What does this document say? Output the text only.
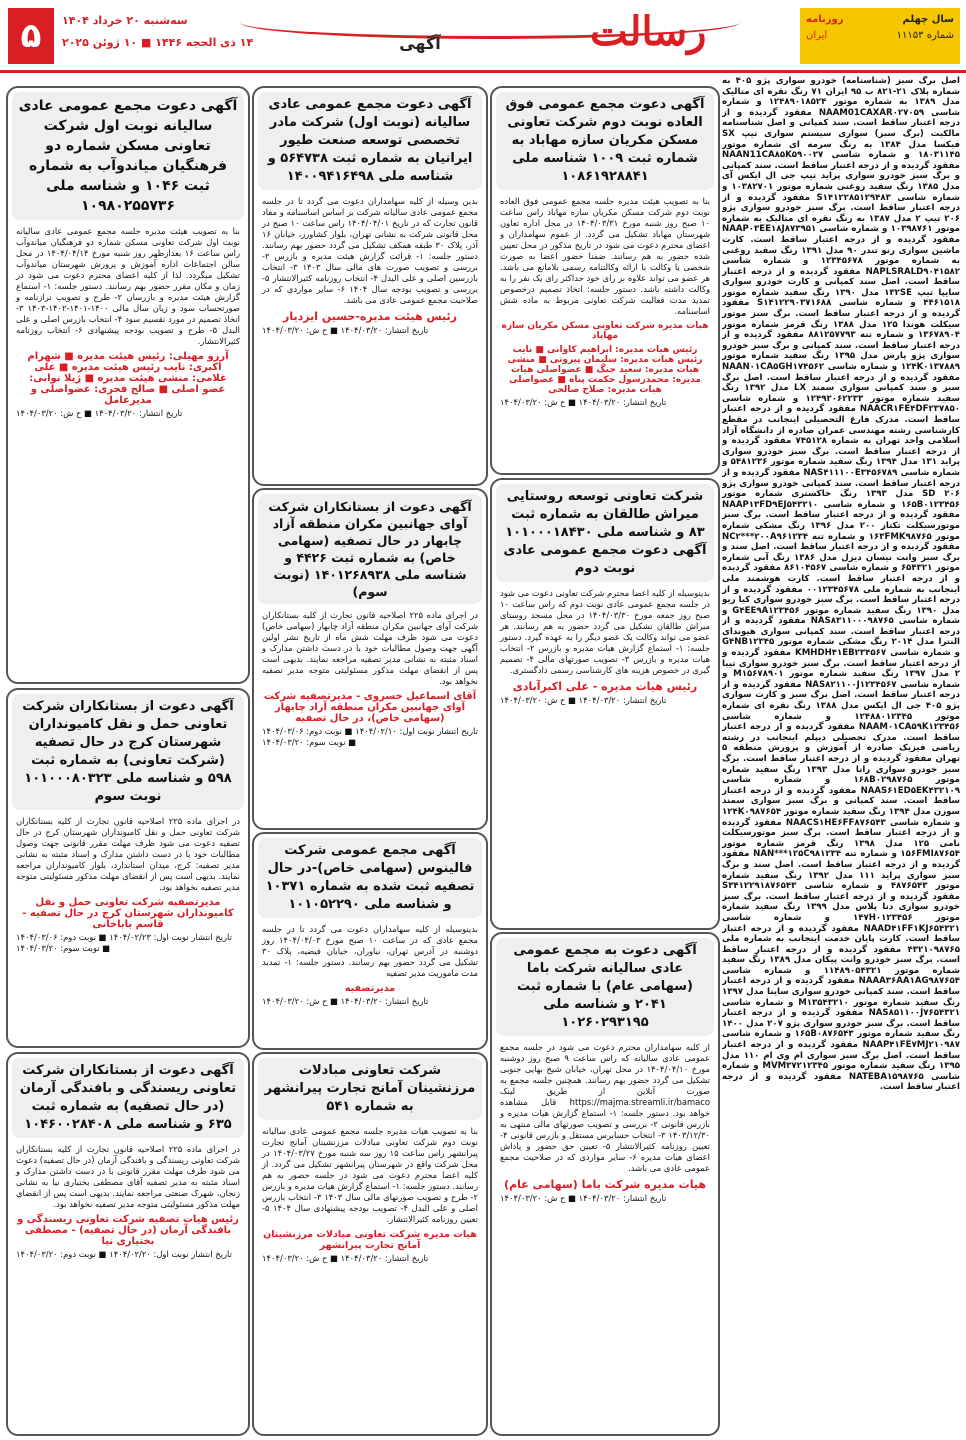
۵	سه‌شنبه ۲۰ خرداد ۱۴۰۴
۱۴ ذی الحجه ۱۴۴۶ ■ ۱۰ ژوئن ۲۰۲۵	آگهی	رسالت	سال چهلم
شماره ۱۱۱۵۳
روزنامه
ایران
اصل برگ سبز (شناسنامه) خودرو سواری پژو ۴۰۵ به شماره پلاک ۲۱-۸۲۱ ب ۹۵ ایران ۷۱ رنگ نقره ای متالیک مدل ۱۳۸۹ به شماره موتور ۱۲۴۸۹۰۱۸۵۲۴ و شماره شاسی NAAM01CAXAR۰۲۷۰۵۹ مفقود گردیده و از درجه اعتبار ساقط است. سند کمپانی و اصل شناسنامه مالکیت (برگ سبز) سواری سیستم سواری تیپ SX فیکسا مدل ۱۳۸۴ به رنگ سرمه ای شماره موتور ۱۸۰۳۱۱۴۵ و شماره شاسی NAAN11CA۸۵K۵۹۰۰۲۷ مفقود گردیده و از درجه اعتبار ساقط است. سند کمپانی و برگ سبز خودرو سواری پراید تیپ جی ال ایکس آی مدل ۱۳۸۵ رنگ سفید روغنی شماره موتور ۱۰۳۸۲۷۰۱ و شماره شاسی S۱۴۱۲۲۸۵۱۲۹۴۸۳ مفقود گردیده و از درجه اعتبار ساقط است. برگ سبز خودرو سواری پژو ۲۰۶ تیپ ۲ مدل ۱۳۸۷ به رنگ نقره ای متالیک به شماره موتور ۱۰۳۹۸۷۶۱ و شماره شاسی NAAP۰۳EE۱۸J۸۷۳۹۵۱ مفقود گردیده و از درجه اعتبار ساقط است. کارت ماشین سواری رنو تندر ۹۰ مدل ۱۳۹۱ رنگ سفید روغنی به شماره موتور ۱۲۳۴۵۶۷۸ و شماره شاسی NAPLSRALD۹۰۴۱۵۸۲ مفقود گردیده و از درجه اعتبار ساقط است. اصل سند کمپانی و کارت خودرو سواری سایپا تیپ ۱۳۲SE مدل ۱۳۹۰ رنگ سفید شماره موتور ۴۴۶۱۵۱۸ و شماره شاسی S۱۴۱۲۲۹۰۳۷۱۶۸۸ مفقود گردیده و از درجه اعتبار ساقط است. برگ سبز موتور سیکلت هوندا ۱۲۵ مدل ۱۳۸۸ رنگ قرمز شماره موتور ۱۳۶۷۸۹۰۴ و شماره تنه ۸۸۱۲۵۷۷۹۳ مفقود گردیده و از درجه اعتبار ساقط است. سند کمپانی و برگ سبز خودرو سواری پژو پارس مدل ۱۳۹۵ رنگ سفید شماره موتور ۱۲۴K۰۱۳۷۸۸۹ و شماره شاسی NAAN۰۱CA۵GH۱۷۴۵۶۲ مفقود گردیده و از درجه اعتبار ساقط است. اصل برگ سبز و سند کمپانی سواری سمند LX مدل ۱۳۹۲ رنگ سفید شماره موتور ۱۲۴۹۲۰۶۲۲۳۳ و شماره شاسی NAACR۱FE۴DF۲۳۷۸۵۰ مفقود گردیده و از درجه اعتبار ساقط است. مدرک فارغ التحصیلی اینجانب در مقطع کارشناسی رشته مهندسی عمران صادره از دانشگاه آزاد اسلامی واحد تهران به شماره ۷۴۵۱۲۸ مفقود گردیده و از درجه اعتبار ساقط است. برگ سبز خودرو سواری پراید ۱۳۱ مدل ۱۳۹۴ رنگ سفید شماره موتور ۵۴۸۱۲۳۶ و شماره شاسی NAS۴۱۱۱۰۰E۳۴۵۶۷۸۹ مفقود گردیده و از درجه اعتبار ساقط است. سند کمپانی خودرو سواری پژو ۲۰۶ SD مدل ۱۳۹۳ رنگ خاکستری شماره موتور ۱۶۵B۰۱۲۳۴۵۶ و شماره شاسی NAAP۱۳FD۹EJ۵۴۳۲۱۰ مفقود گردیده و از درجه اعتبار ساقط است. برگ سبز موتورسیکلت تکتاز ۲۰۰ مدل ۱۳۹۶ رنگ مشکی شماره موتور ۱۶۳FMK۹۸۷۶۵ و شماره تنه NC۲***۲۰۰A۹۶۱۲۳۴ مفقود گردیده و از درجه اعتبار ساقط است. اصل سند و برگ سبز وانت نیسان دیزل مدل ۱۳۸۶ رنگ آبی شماره موتور ۶۵۴۳۲۱ و شماره شاسی ۸۶۱۰۴۵۶۷ مفقود گردیده و از درجه اعتبار ساقط است. کارت هوشمند ملی اینجانب به شماره ملی ۰۰۱۲۳۴۵۶۷۸ مفقود گردیده و از درجه اعتبار ساقط است. برگ سبز خودرو سواری کیا ریو مدل ۱۳۹۰ رنگ سفید شماره موتور G۴EE۹A۱۲۳۴۵۶ و شماره شاسی NAS۸۳۱۱۰۰۰۹۸۷۶۵ مفقود گردیده و از درجه اعتبار ساقط است. سند کمپانی سواری هیوندای النترا مدل ۲۰۱۴ رنگ مشکی شماره موتور G۴NB۱۲۳۴۵ و شماره شاسی KMHDH۴۱EB۲۳۴۵۶۷ مفقود گردیده و از درجه اعتبار ساقط است. برگ سبز خودرو سواری تیبا ۲ مدل ۱۳۹۷ رنگ سفید شماره موتور M۱۵۶۷۸۹۰۱ و شماره شاسی NAS۸۲۱۱۰۰J۱۲۳۴۵۶۷ مفقود گردیده و از درجه اعتبار ساقط است. اصل برگ سبز و کارت سواری پژو ۴۰۵ جی ال ایکس مدل ۱۳۸۸ رنگ نقره ای شماره موتور ۱۲۴۸۸۰۱۲۳۴۵ و شماره شاسی NAAM۰۱CA۵۹K۱۲۳۴۵۶ مفقود گردیده و از درجه اعتبار ساقط است. مدرک تحصیلی دیپلم اینجانب در رشته ریاضی فیزیک صادره از آموزش و پرورش منطقه ۵ تهران مفقود گردیده و از درجه اعتبار ساقط است. برگ سبز خودرو سواری رانا مدل ۱۳۹۳ رنگ سفید شماره موتور ۱۶۸B۰۲۹۸۷۶۵ و شماره شاسی NAAS۶۱ED۵EK۴۳۲۱۰۹ مفقود گردیده و از درجه اعتبار ساقط است. سند کمپانی و برگ سبز سواری سمند سورن مدل ۱۳۹۴ رنگ سفید شماره موتور ۱۲۴K۰۹۸۷۶۵۴ و شماره شاسی NAACS۱HE۶FF۸۷۶۵۴۳ مفقود گردیده و از درجه اعتبار ساقط است. برگ سبز موتورسیکلت نامی ۱۲۵ مدل ۱۳۹۸ رنگ قرمز شماره موتور ۱۵۶FMI۸۷۶۵۴ و شماره تنه NAN***۱۲۵C۹۸۱۲۳۴ مفقود گردیده و از درجه اعتبار ساقط است. اصل سند و برگ سبز سواری پراید ۱۱۱ مدل ۱۳۹۲ رنگ سفید شماره موتور ۴۸۷۶۵۴۳ و شماره شاسی S۳۴۱۲۲۹۱۸۷۶۵۴۳ مفقود گردیده و از درجه اعتبار ساقط است. برگ سبز خودرو سواری دنا پلاس مدل ۱۳۹۹ رنگ سفید شماره موتور ۱۴۷H۰۱۲۳۴۵۶ و شماره شاسی NAAD۴۱FF۱KJ۶۵۴۳۲۱ مفقود گردیده و از درجه اعتبار ساقط است. کارت پایان خدمت اینجانب به شماره ملی ۴۳۲۱۰۹۸۷۶۵ مفقود گردیده و از درجه اعتبار ساقط است. برگ سبز خودرو وانت پیکان مدل ۱۳۸۹ رنگ سفید شماره موتور ۱۱۴۸۹۰۵۴۳۲۱ و شماره شاسی NAAA۳۶AA۱AG۹۸۷۶۵۴ مفقود گردیده و از درجه اعتبار ساقط است. سند کمپانی خودرو سواری ساینا مدل ۱۳۹۷ رنگ سفید شماره موتور M۱۳۵۴۳۲۱۰ و شماره شاسی NAS۸۵۱۱۰۰J۷۶۵۴۳۲۱ مفقود گردیده و از درجه اعتبار ساقط است. برگ سبز خودرو سواری پژو ۲۰۷ مدل ۱۴۰۰ رنگ سفید شماره موتور ۱۶۵B۰۸۷۶۵۴۳ و شماره شاسی NAAP۴۱FE۷MJ۲۱۰۹۸۷ مفقود گردیده و از درجه اعتبار ساقط است. اصل برگ سبز سواری ام وی ام ۱۱۰ مدل ۱۳۹۵ رنگ سفید شماره موتور MVM۳۷۲۱۲۳۴۵ و شماره شاسی NATEBA۱۵۹۸۷۶۵ مفقود گردیده و از درجه اعتبار ساقط است.
آگهی دعوت مجمع عمومی فوق العاده نوبت دوم شرکت تعاونی مسکن مکریان سازه مهاباد به شماره ثبت ۱۰۰۹ شناسه ملی ۱۰۸۶۱۹۲۸۸۴۱
بنا به تصویب هیئت مدیره جلسه مجمع عمومی فوق العاده نوبت دوم شرکت مسکن مکریان سازه مهاباد راس ساعت ۱۰ صبح روز شنبه مورخ ۱۴۰۴/۰۳/۳۱ در محل اداره تعاون شهرستان مهاباد تشکیل می گردد. از عموم سهامداران و اعضای محترم دعوت می شود در تاریخ مذکور در محل تعیین شده حضور به هم رسانند. ضمنا حضور اعضا به صورت شخصی یا وکالت با ارائه وکالتنامه رسمی بلامانع می باشد. هر عضو می تواند علاوه بر رای خود حداکثر رای یک نفر را به وکالت داشته باشد. دستور جلسه: اتخاذ تصمیم درخصوص تمدید مدت فعالیت شرکت تعاونی مربوط به ماده شش اساسنامه.
هیات مدیره شرکت تعاونی مسکن مکریان سازه مهاباد
رئیس هیات مدیره: ابراهیم کاوانی ■ نایب رئیس هیات مدیره: سلیمان پیروتی ■ منشی هیات مدیره: سعید جنگ ■ عضواصلی هیات مدیره: محمدرسول حکمت پناه ■ عضواصلی هیات مدیره: صلاح صالحی
تاریخ انتشار: ۱۴۰۴/۰۳/۲۰ ■ ح ش: ۱۴۰۴/۰۳/۲۰
شرکت تعاونی توسعه روستایی میراش طالقان به شماره ثبت ۸۳ و شناسه ملی ۱۰۱۰۰۰۱۸۴۳۰ آگهی دعوت مجمع عمومی عادی نوبت دوم
بدینوسیله از کلیه اعضا محترم شرکت تعاونی دعوت می شود در جلسه مجمع عمومی عادی نوبت دوم که راس ساعت ۱۰ صبح روز جمعه مورخ ۱۴۰۴/۰۳/۳۰ در محل مسجد روستای میراش طالقان تشکیل می گردد حضور به هم رسانند. هر عضو می تواند وکالت یک عضو دیگر را به عهده گیرد. دستور جلسه: ۱- استماع گزارش هیات مدیره و بازرس ۲- انتخاب هیات مدیره و بازرس ۳- تصویب صورتهای مالی ۴- تصمیم گیری در خصوص هزینه های کارشناسی رسمی دادگستری.
رئیس هیات مدیره - علی اکبرآبادی
تاریخ انتشار: ۱۴۰۴/۰۳/۲۰ ■ ح ش: ۱۴۰۴/۰۳/۲۰
آگهی دعوت به مجمع عمومی عادی سالیانه شرکت باما (سهامی عام) با شماره ثبت ۲۰۴۱ و شناسه ملی ۱۰۲۶۰۲۹۳۱۹۵
از کلیه سهامداران محترم دعوت می شود در جلسه مجمع عمومی عادی سالیانه که راس ساعت ۹ صبح روز دوشنبه مورخ ۱۴۰۴/۰۴/۱۰ در محل تهران، خیابان شیخ بهایی جنوبی تشکیل می گردد حضور بهم رسانند. همچنین جلسه مجمع به صورت آنلاین از طریق لینک https://majma.streamli.ir/bamaco قابل مشاهده خواهد بود. دستور جلسه: ۱- استماع گزارش هیات مدیره و بازرس قانونی ۲- بررسی و تصویب صورتهای مالی منتهی به ۱۴۰۳/۱۲/۳۰ ۳- انتخاب حسابرس مستقل و بازرس قانونی ۴- تعیین روزنامه کثیرالانتشار ۵- تعیین حق حضور و پاداش اعضای هیات مدیره ۶- سایر مواردی که در صلاحیت مجمع عمومی عادی می باشد.
هیات مدیره شرکت باما (سهامی عام)
تاریخ انتشار: ۱۴۰۴/۰۳/۲۰ ■ ح ش: ۱۴۰۴/۰۳/۲۰
آگهی دعوت مجمع عمومی عادی سالیانه (نوبت اول) شرکت مادر تخصصی توسعه صنعت طیور ایرانیان به شماره ثبت ۵۶۴۷۳۸ و شناسه ملی ۱۴۰۰۹۴۱۶۴۹۸
بدین وسیله از کلیه سهامداران دعوت می گردد تا در جلسه مجمع عمومی عادی سالیانه شرکت بر اساس اساسنامه و مفاد قانون تجارت که در تاریخ ۱۴۰۴/۰۴/۰۱ راس ساعت ۱۰ صبح در محل قانونی شرکت به نشانی تهران، بلوار کشاورز، خیابان ۱۶ آذر، پلاک ۳۰ طبقه همکف تشکیل می گردد حضور بهم رسانند. دستور جلسه: ۱- قرائت گزارش هیئت مدیره و بازرس ۲- بررسی و تصویب صورت های مالی سال ۱۴۰۳ ۳- انتخاب بازرسین اصلی و علی البدل ۴- انتخاب روزنامه کثیرالانتشار ۵- بررسی و تصویب بودجه سال ۱۴۰۴ ۶- سایر مواردی که در صلاحیت مجمع عمومی عادی می باشد.
رئیس هیئت مدیره-حسین ایزدیار
تاریخ انتشار: ۱۴۰۴/۰۳/۲۰ ■ ح ش: ۱۴۰۴/۰۳/۲۰
آگهی دعوت از بستانکاران شرکت آوای جهانبین مکران منطقه آزاد چابهار در حال تصفیه (سهامی خاص) به شماره ثبت ۴۴۲۶ و شناسه ملی ۱۴۰۱۲۶۸۹۳۸ (نوبت سوم)
در اجرای ماده ۲۲۵ اصلاحیه قانون تجارت از کلیه بستانکاران شرکت آوای جهانبین مکران منطقه آزاد چابهار (سهامی خاص) دعوت می شود ظرف مهلت شش ماه از تاریخ نشر اولین آگهی جهت وصول مطالبات خود با در دست داشتن مدارک و اسناد مثبته به نشانی مدیر تصفیه مراجعه نمایند. بدیهی است پس از انقضای مهلت مذکور مسئولیتی متوجه مدیر تصفیه نخواهد بود.
آقای اسماعیل خسروی - مدیرتصفیه شرکت آوای جهانبین مکران منطقه آزاد چابهار (سهامی خاص)، در حال تصفیه
تاریخ انتشار نوبت اول: ۱۴۰۴/۰۲/۱۰ ■ نوبت دوم: ۱۴۰۴/۰۳/۰۶ ■ نوبت سوم: ۱۴۰۴/۰۳/۲۰
آگهی مجمع عمومی شرکت فالینوس (سهامی خاص)-در حال تصفیه ثبت شده به شماره ۱۰۳۷۱ و شناسه ملی ۱۰۱۰۵۲۲۹۰
بدینوسیله از کلیه سهامداران دعوت می گردد تا در جلسه مجمع عادی که در ساعت ۱۰ صبح مورخ ۱۴۰۴/۰۴/۰۳ روز دوشنبه در آدرس تهران، نیاوران، خیابان فیضیه، پلاک ۳۰ تشکیل می گردد حضور بهم رسانند. دستور جلسه: ۱- تمدید مدت ماموریت مدیر تصفیه
مدیرتصفیه
تاریخ انتشار: ۱۴۰۴/۰۳/۲۰ ■ ح ش: ۱۴۰۴/۰۳/۲۰
شرکت تعاونی مبادلات مرزنشینان آمانج تجارت پیرانشهر به شماره ۵۴۱
بنا به تصویب هیات مدیره جلسه مجمع عمومی عادی سالیانه نوبت دوم شرکت تعاونی مبادلات مرزنشینان آمانج تجارت پیرانشهر راس ساعت ۱۵ روز سه شنبه مورخ ۱۴۰۴/۰۳/۲۷ در محل شرکت واقع در شهرستان پیرانشهر تشکیل می گردد. از کلیه اعضا محترم دعوت می شود در جلسه حضور به هم رسانند. دستور جلسه: ۱- استماع گزارش هیات مدیره و بازرس ۲- طرح و تصویب صورتهای مالی سال ۱۴۰۳ ۳- انتخاب بازرس اصلی و علی البدل ۴- تصویب بودجه پیشنهادی سال ۱۴۰۴ ۵- تعیین روزنامه کثیرالانتشار.
هیات مدیره شرکت تعاونی مبادلات مرزنشینان آمانج تجارت پیرانشهر
تاریخ انتشار: ۱۴۰۴/۰۳/۲۰ ■ ح ش: ۱۴۰۴/۰۳/۲۰
آگهی دعوت مجمع عمومی عادی سالیانه نوبت اول شرکت تعاونی مسکن شماره دو فرهنگیان میاندوآب به شماره ثبت ۱۰۴۶ و شناسه ملی ۱۰۹۸۰۲۵۵۷۳۶
بنا به تصویب هیئت مدیره جلسه مجمع عمومی عادی سالیانه نوبت اول شرکت تعاونی مسکن شماره دو فرهنگیان میاندوآب راس ساعت ۱۶ بعدازظهر روز شنبه مورخ ۱۴۰۴/۰۴/۱۴ در محل سالن اجتماعات اداره آموزش و پرورش شهرستان میاندوآب تشکیل میگردد. لذا از کلیه اعضای محترم دعوت می شود در زمان و مکان مقرر حضور بهم رسانند. دستور جلسه: ۱- استماع گزارش هیئت مدیره و بازرسان ۲- طرح و تصویب ترازنامه و صورتحساب سود و زیان سال مالی ۱۴۰۰-۱۴۰۱-۱۴۰۲-۱۴۰۳ ۳- اتخاذ تصمیم در مورد تقسیم سود ۴- انتخاب بازرس اصلی و علی البدل ۵- طرح و تصویب بودجه پیشنهادی ۶- انتخاب روزنامه کثیرالانتشار.
آرزو مهیلی: رئیس هیئت مدیره ■ شهرام اکبری: نایب رئیس هیئت مدیره ■ علی غلامی: منشی هیئت مدیره ■ ژیلا نوابی: عضو اصلی ■ صالح فجری: عضواصلی و مدیرعامل
تاریخ انتشار: ۱۴۰۴/۰۳/۲۰ ■ ح ش: ۱۴۰۴/۰۳/۲۰
آگهی دعوت از بستانکاران شرکت تعاونی حمل و نقل کامیونداران شهرستان کرج در حال تصفیه (شرکت تعاونی) به شماره ثبت ۵۹۸ و شناسه ملی ۱۰۱۰۰۰۸۰۳۲۳ نوبت سوم
در اجرای ماده ۲۲۵ اصلاحیه قانون تجارت از کلیه بستانکاران شرکت تعاونی حمل و نقل کامیونداران شهرستان کرج در حال تصفیه دعوت می شود ظرف مهلت مقرر قانونی جهت وصول مطالبات خود با در دست داشتن مدارک و اسناد مثبته به نشانی مدیر تصفیه: کرج، میدان استاندارد، بلوار کامیونداران مراجعه نمایند. بدیهی است پس از انقضای مهلت مذکور مسئولیتی متوجه مدیر تصفیه نخواهد بود.
مدیرتصفیه شرکت تعاونی حمل و نقل کامیونداران شهرستان کرج در حال تصفیه - قاسم باباخانی
تاریخ انتشار نوبت اول: ۱۴۰۴/۰۲/۲۳ ■ نوبت دوم: ۱۴۰۴/۰۳/۰۶ ■ نوبت سوم: ۱۴۰۴/۰۳/۲۰
آگهی دعوت از بستانکاران شرکت تعاونی ریسندگی و بافندگی آرمان (در حال تصفیه) به شماره ثبت ۶۳۵ و شناسه ملی ۱۰۴۶۰۰۲۸۴۰۸
در اجرای ماده ۲۲۵ اصلاحیه قانون تجارت از کلیه بستانکاران شرکت تعاونی ریسندگی و بافندگی آرمان (در حال تصفیه) دعوت می شود ظرف مهلت مقرر قانونی با در دست داشتن مدارک و اسناد مثبته به مدیر تصفیه آقای مصطفی بختیاری نیا به نشانی زنجان، شهرک صنعتی مراجعه نمایند. بدیهی است پس از انقضای مهلت مذکور مسئولیتی متوجه مدیر تصفیه نخواهد بود.
رئیس هیات تصفیه شرکت تعاونی ریسندگی و بافندگی آرمان (در حال تصفیه) - مصطفی بختیاری نیا
تاریخ انتشار نوبت اول: ۱۴۰۴/۰۲/۲۰ ■ نوبت دوم: ۱۴۰۴/۰۳/۲۰
